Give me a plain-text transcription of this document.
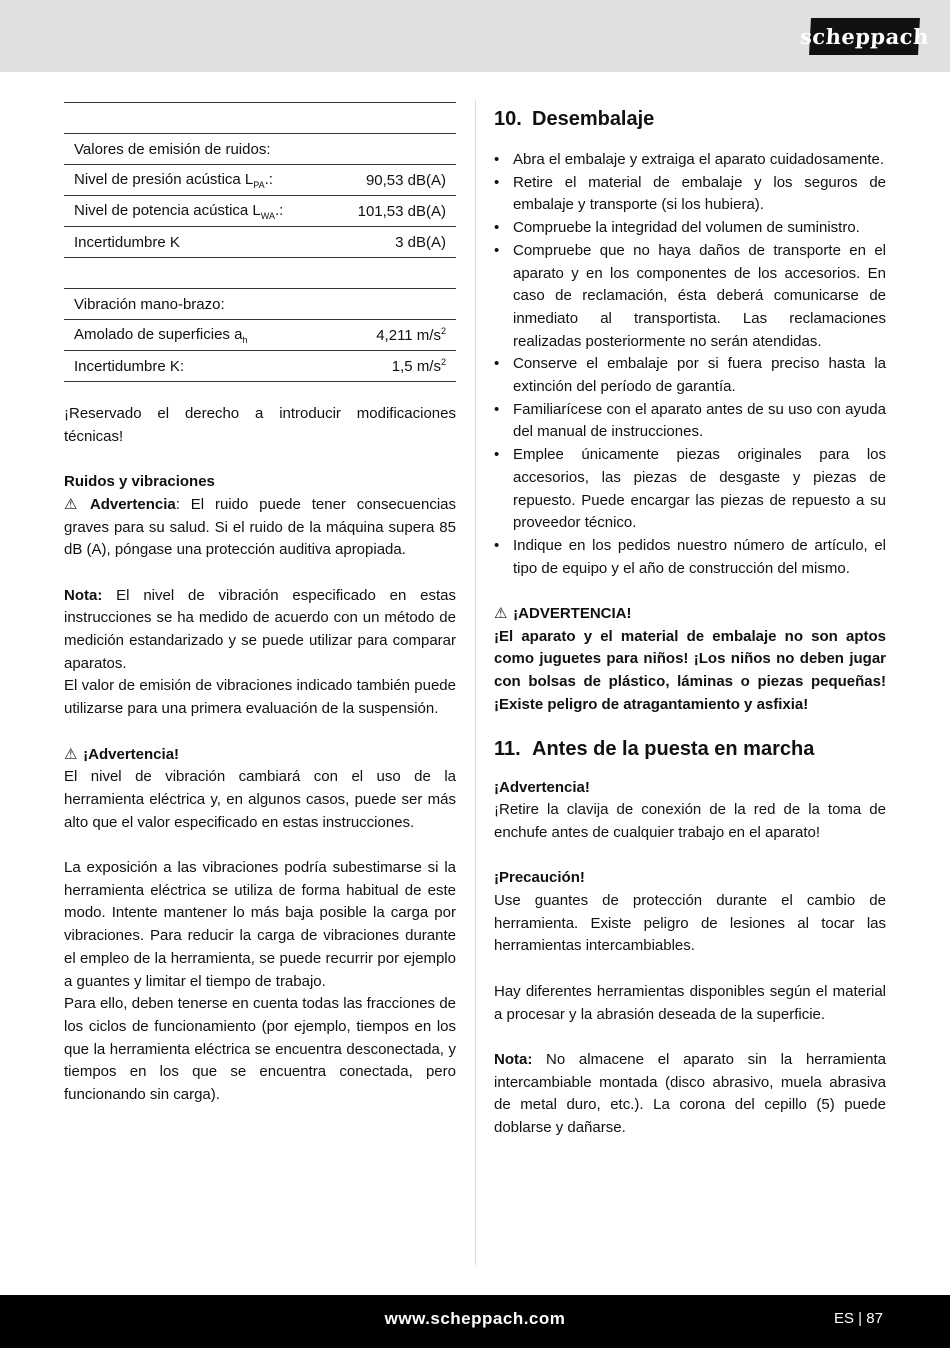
scheppach

Valores de emisión de ruidos:	
Nivel de presión acústica $L_{PA}$.:	90,53 dB(A)
Nivel de potencia acústica $L_{WA}$.:	101,53 dB(A)
Incertidumbre K	3 dB(A)

Vibración mano-brazo:	
Amolado de superficies $a_h$	4,211 $m/s^2$
Incertidumbre K:	1,5 $m/s^2$

¡Reservado el derecho a introducir modificaciones técnicas!

Ruidos y vibraciones

⚠ Advertencia: El ruido puede tener consecuencias graves para su salud. Si el ruido de la máquina supera 85 dB (A), póngase una protección auditiva apropiada.

Nota: El nivel de vibración especificado en estas instrucciones se ha medido de acuerdo con un método de medición estandarizado y se puede utilizar para comparar aparatos.

El valor de emisión de vibraciones indicado también puede utilizarse para una primera evaluación de la suspensión.

⚠ ¡Advertencia!

El nivel de vibración cambiará con el uso de la herramienta eléctrica y, en algunos casos, puede ser más alto que el valor especificado en estas instrucciones.

La exposición a las vibraciones podría subestimarse si la herramienta eléctrica se utiliza de forma habitual de este modo. Intente mantener lo más baja posible la carga por vibraciones. Para reducir la carga de vibraciones durante el empleo de la herramienta, se puede recurrir por ejemplo a guantes y limitar el tiempo de trabajo.

Para ello, deben tenerse en cuenta todas las fracciones de los ciclos de funcionamiento (por ejemplo, tiempos en los que la herramienta eléctrica se encuentra desconectada, y tiempos en los que se encuentra conectada, pero funcionando sin carga).

10. Desembalaje
• Abra el embalaje y extraiga el aparato cuidadosamente.
• Retire el material de embalaje y los seguros de embalaje y transporte (si los hubiera).
• Compruebe la integridad del volumen de suministro.
• Compruebe que no haya daños de transporte en el aparato y en los componentes de los accesorios. En caso de reclamación, ésta deberá comunicarse de inmediato al transportista. Las reclamaciones realizadas posteriormente no serán atendidas.
• Conserve el embalaje por si fuera preciso hasta la extinción del período de garantía.
• Familiarícese con el aparato antes de su uso con ayuda del manual de instrucciones.
• Emplee únicamente piezas originales para los accesorios, las piezas de desgaste y piezas de repuesto. Puede encargar las piezas de repuesto a su proveedor técnico.
• Indique en los pedidos nuestro número de artículo, el tipo de equipo y el año de construcción del mismo.

⚠ ¡ADVERTENCIA!

¡El aparato y el material de embalaje no son aptos como juguetes para niños! ¡Los niños no deben jugar con bolsas de plástico, láminas o piezas pequeñas! ¡Existe peligro de atragantamiento y asfixia!

11. Antes de la puesta en marcha

¡Advertencia!

¡Retire la clavija de conexión de la red de la toma de enchufe antes de cualquier trabajo en el aparato!

¡Precaución!

Use guantes de protección durante el cambio de herramienta. Existe peligro de lesiones al tocar las herramientas intercambiables.

Hay diferentes herramientas disponibles según el material a procesar y la abrasión deseada de la superficie.

Nota: No almacene el aparato sin la herramienta intercambiable montada (disco abrasivo, muela abrasiva de metal duro, etc.). La corona del cepillo (5) puede doblarse y dañarse.

www.scheppach.com	ES | 87
